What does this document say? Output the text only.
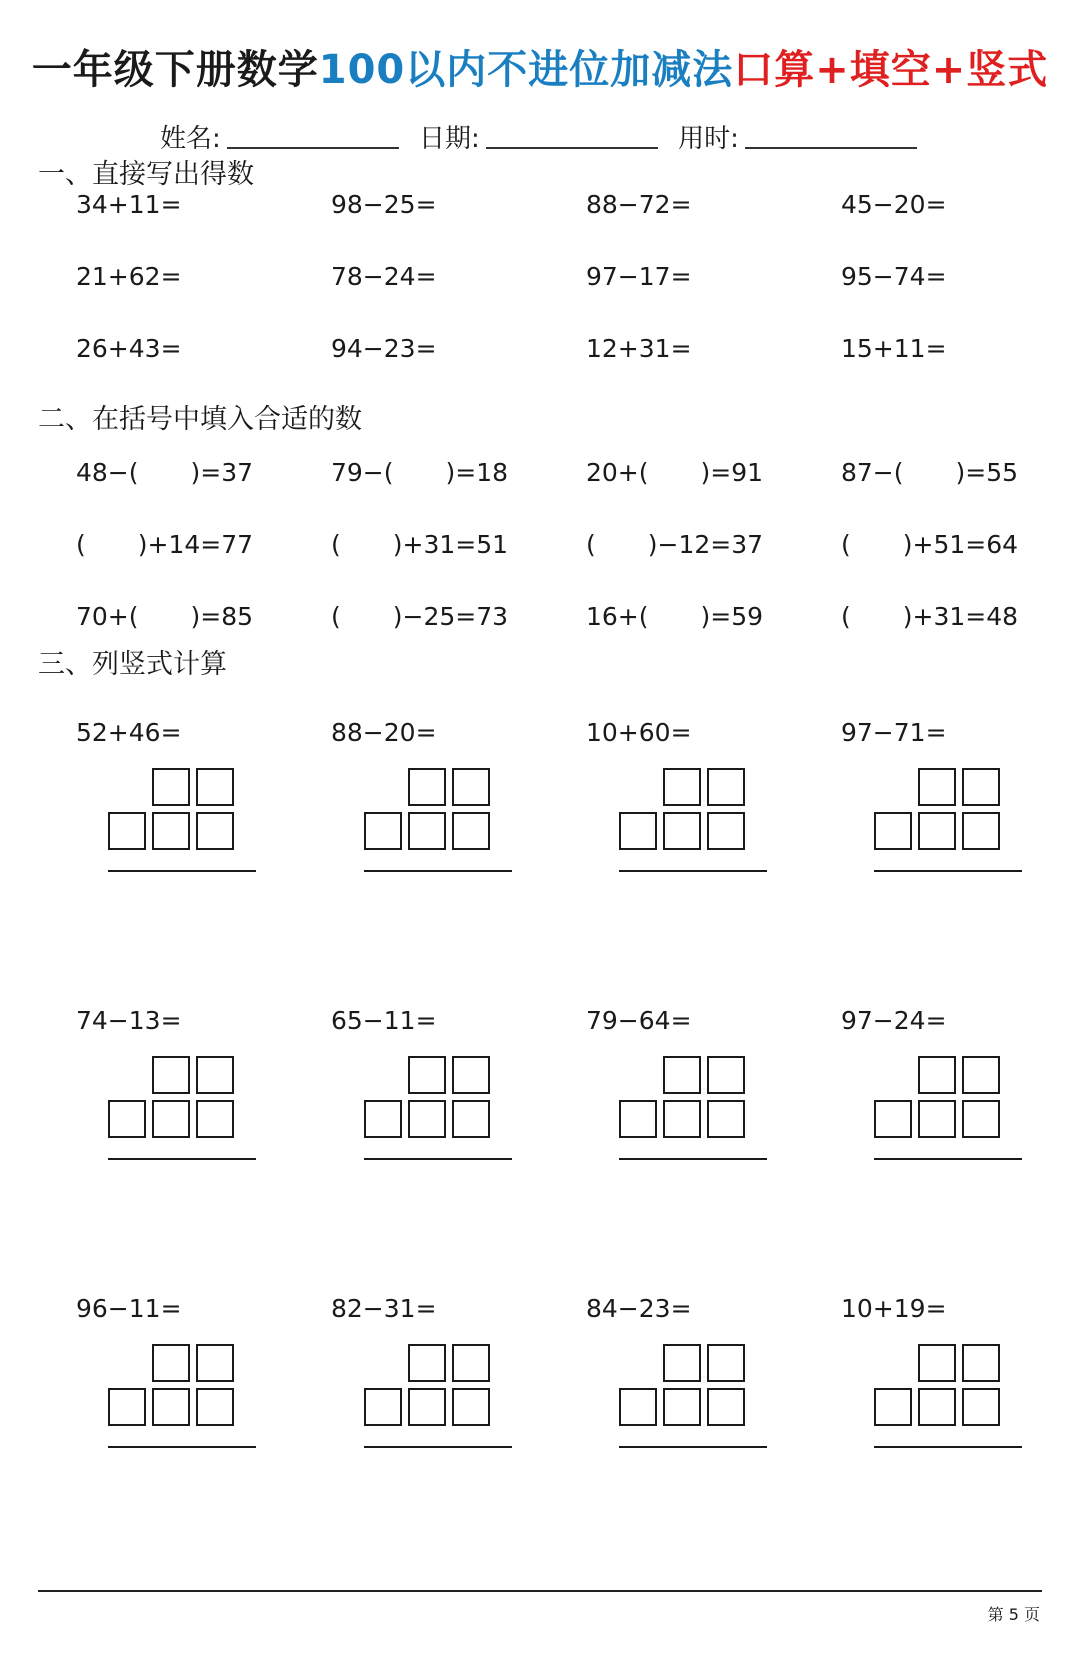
一年级下册数学100以内不进位加减法口算+填空+竖式
姓名:	日期:	用时:
一、直接写出得数
34+11=	98−25=	88−72=	45−20=
21+62=	78−24=	97−17=	95−74=
26+43=	94−23=	12+31=	15+11=
二、在括号中填入合适的数
48−( )=37	79−( )=18	20+( )=91	87−( )=55
( )+14=77	( )+31=51	( )−12=37	( )+51=64
70+( )=85	( )−25=73	16+( )=59	( )+31=48
三、列竖式计算
52+46=	88−20=	10+60=	97−71=
74−13=	65−11=	79−64=	97−24=
96−11=	82−31=	84−23=	10+19=
第 5 页
